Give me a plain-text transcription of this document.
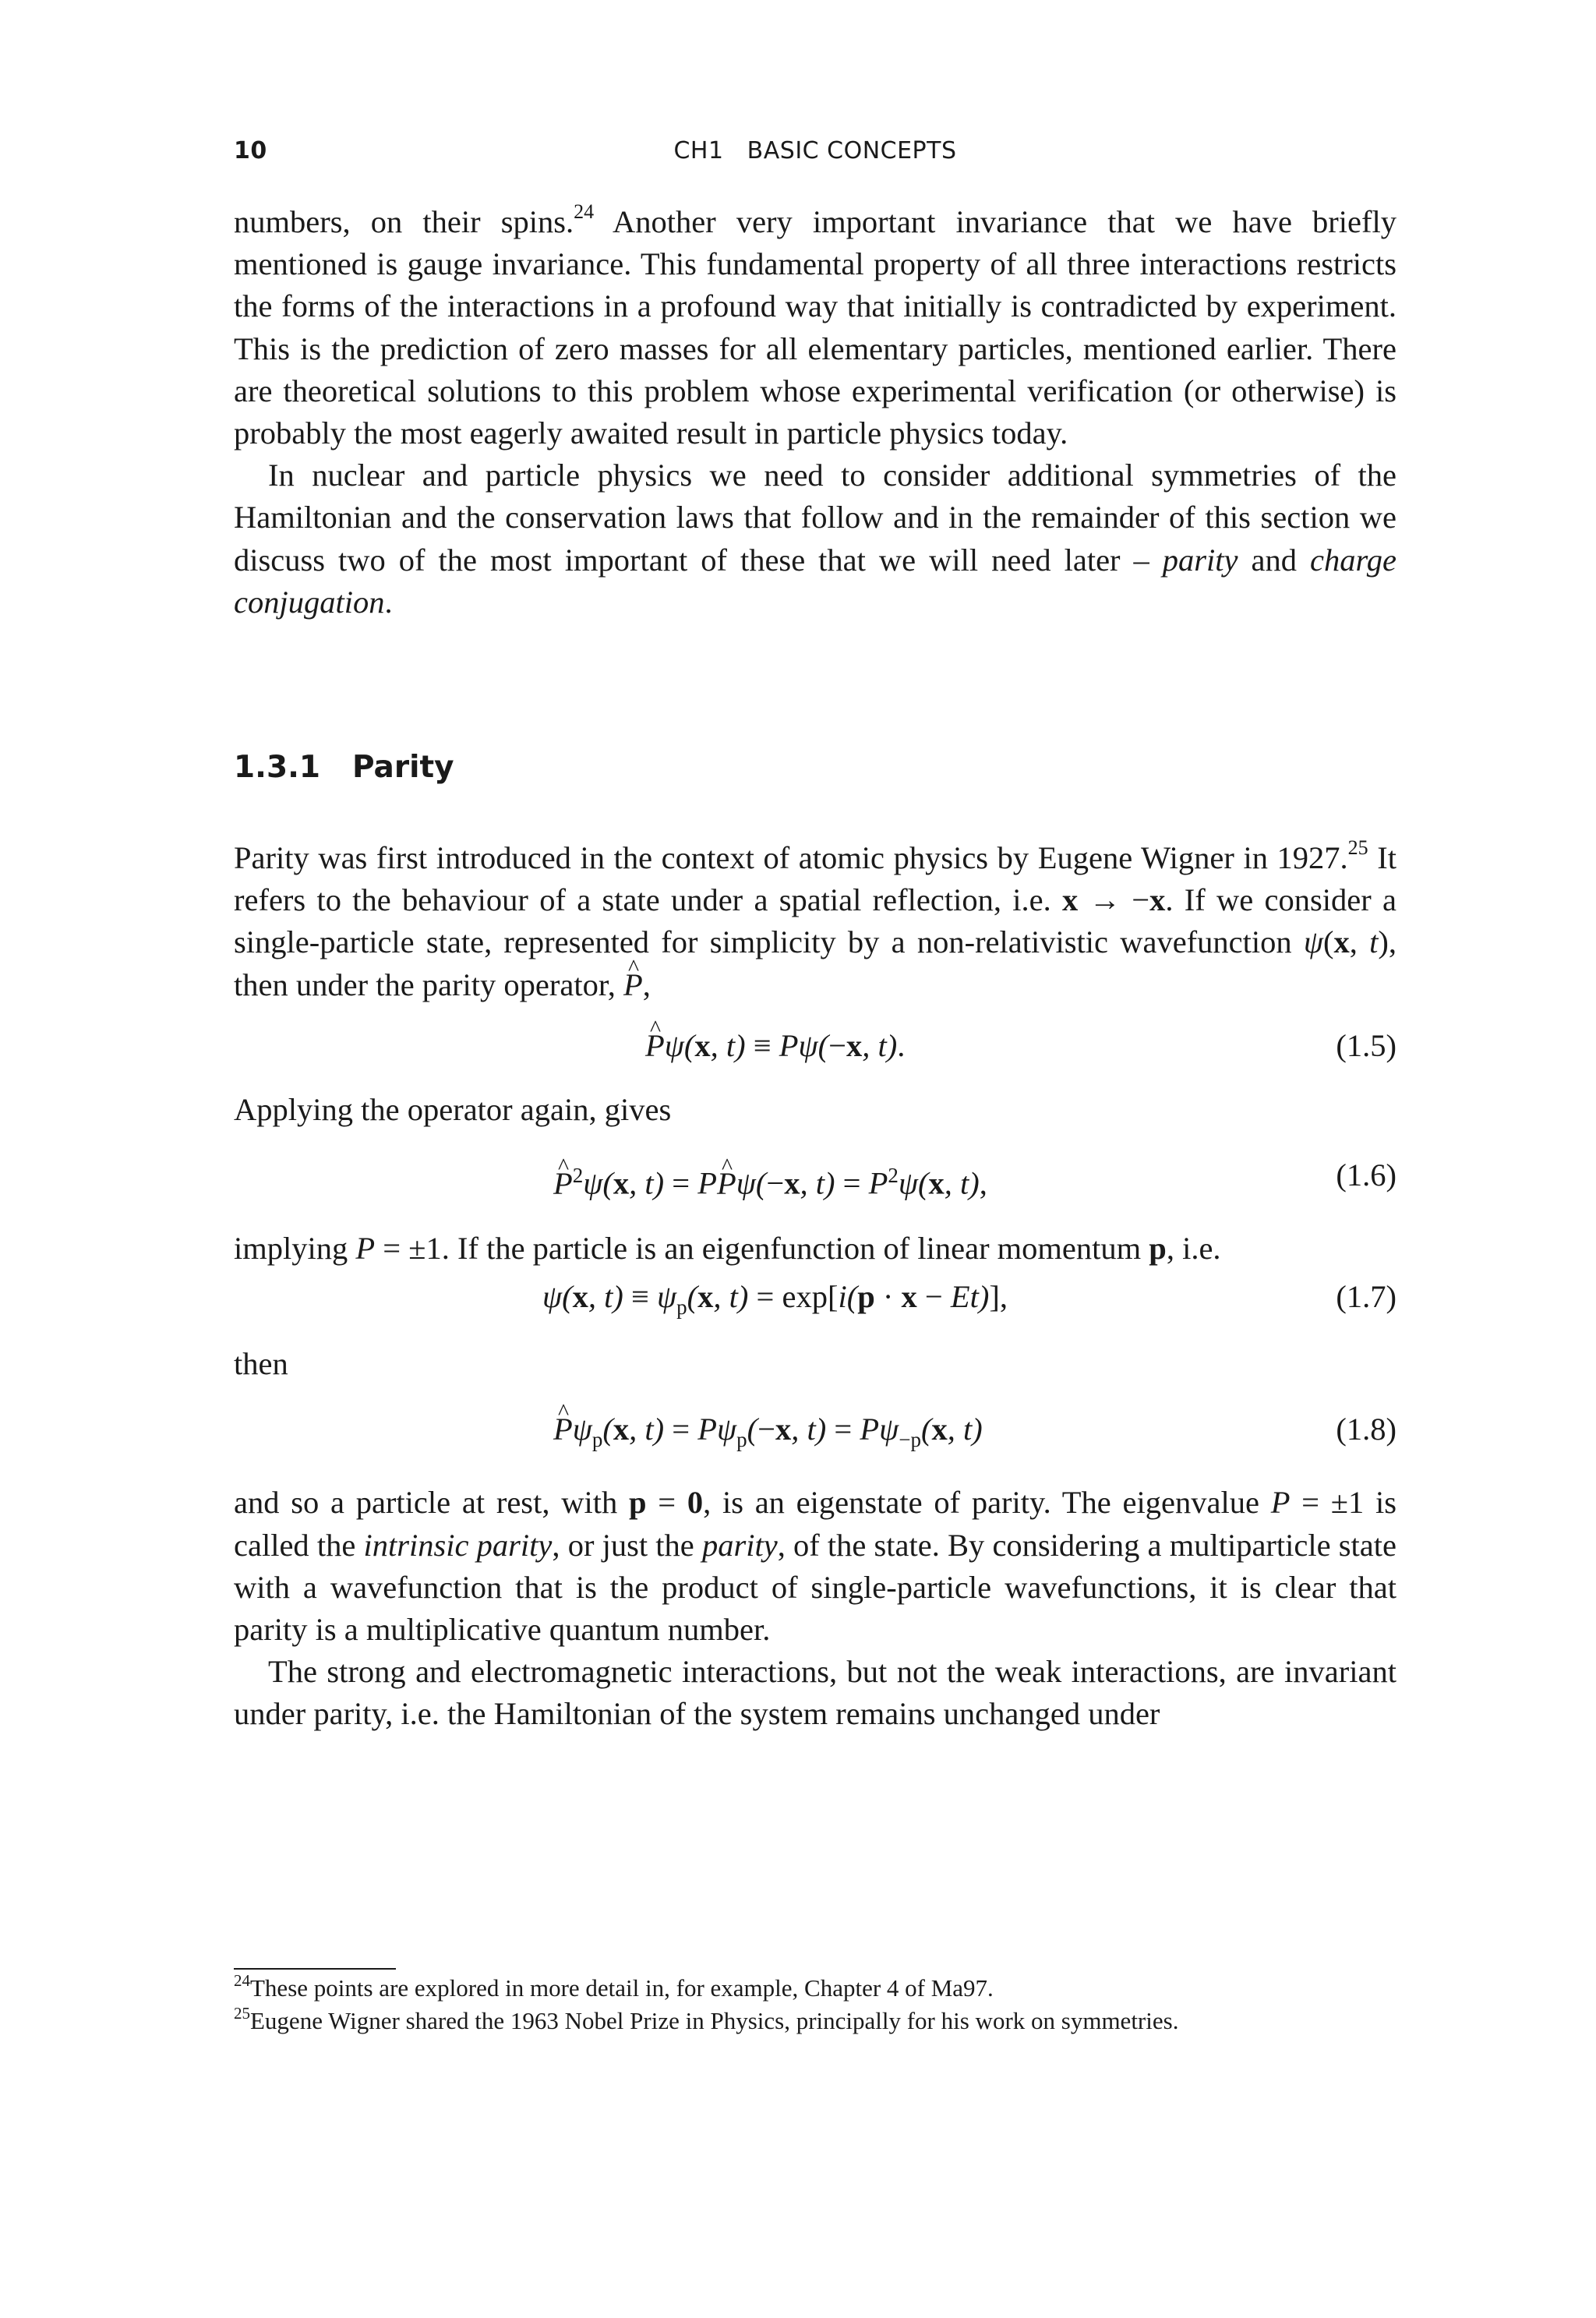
10	CH1   BASIC CONCEPTS

numbers, on their spins.$^{24}$ Another very important invariance that we have briefly mentioned is gauge invariance. This fundamental property of all three interactions restricts the forms of the interactions in a profound way that initially is contradicted by experiment. This is the prediction of zero masses for all elementary particles, mentioned earlier. There are theoretical solutions to this problem whose experimental verification (or otherwise) is probably the most eagerly awaited result in particle physics today.

In nuclear and particle physics we need to consider additional symmetries of the Hamiltonian and the conservation laws that follow and in the remainder of this section we discuss two of the most important of these that we will need later – parity and charge conjugation.

1.3.1 Parity

Parity was first introduced in the context of atomic physics by Eugene Wigner in 1927.25 It refers to the behaviour of a state under a spatial reflection, i.e. x → −x. If we consider a single-particle state, represented for simplicity by a non-relativistic wavefunction ψ(x, t), then under the parity operator, ^ P,

^ Pψ(x, t) ≡ Pψ(−x, t).	(1.5)

Applying the operator again, gives

^ $P^2\psi(x$, t) = P^ Pψ(−x, $t) = P^2\psi(x$, t),	(1.6)

implying P = ±1. If the particle is an eigenfunction of linear momentum p, i.e.

ψ(x, $t) \equiv \psi_p(x$, t) = exp[i(p · x − Et)],	(1.7)

then

^ $P\psi_p(x$, $t) = P\psi_p(-x$, $t) = P\psi_{-p}(x$, t)	(1.8)

and so a particle at rest, with p = 0, is an eigenstate of parity. The eigenvalue P = ±1 is called the intrinsic parity, or just the parity, of the state. By considering a multiparticle state with a wavefunction that is the product of single-particle wavefunctions, it is clear that parity is a multiplicative quantum number.

The strong and electromagnetic interactions, but not the weak interactions, are invariant under parity, i.e. the Hamiltonian of the system remains unchanged under

$^{24}$These points are explored in more detail in, for example, Chapter 4 of Ma97.

$^{25}$Eugene Wigner shared the 1963 Nobel Prize in Physics, principally for his work on symmetries.
